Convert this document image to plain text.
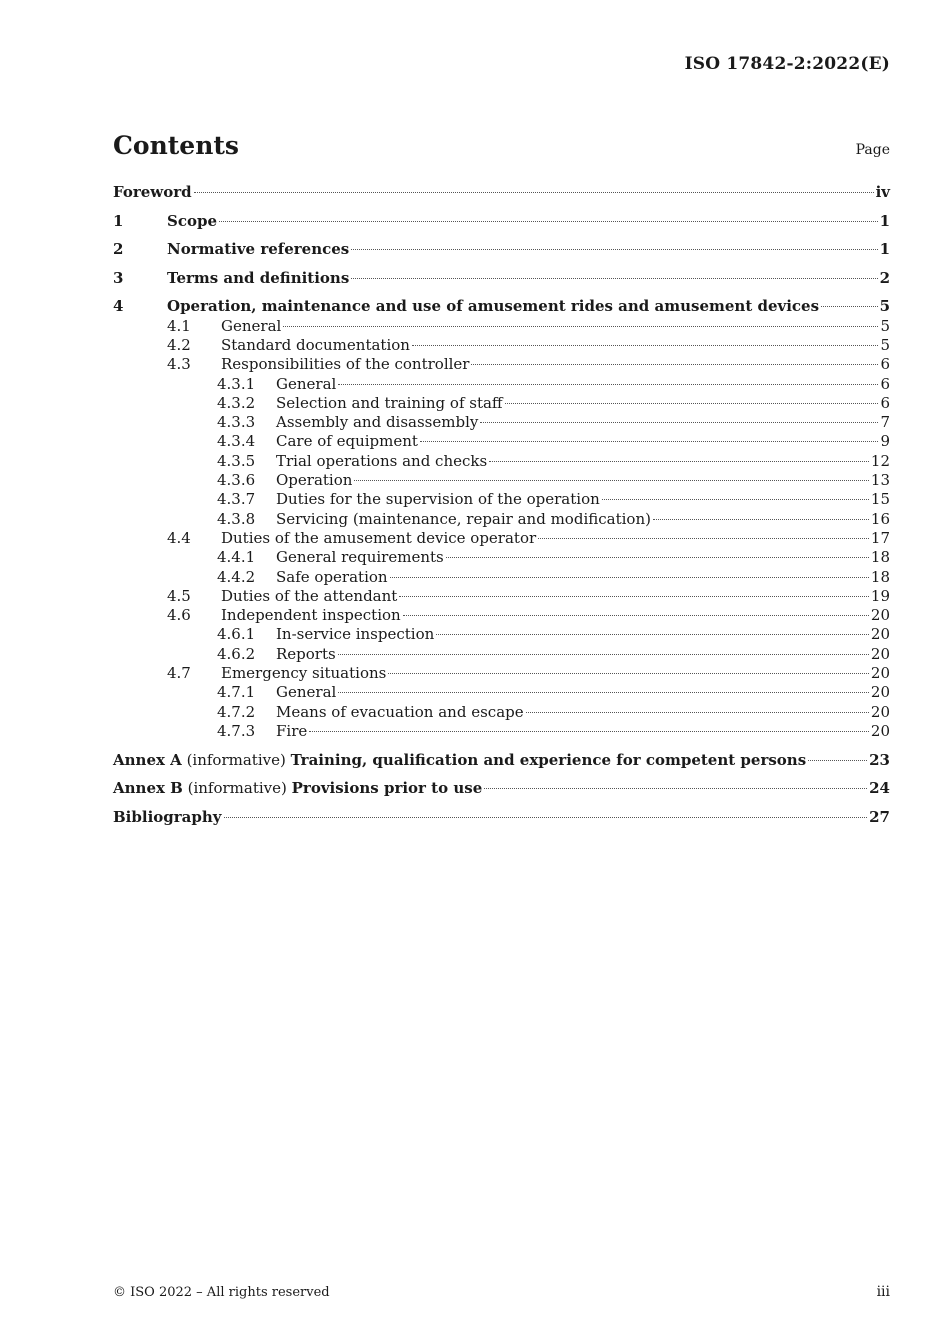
ISO 17842-2:2022(E)
Contents	Page
Foreword	iv
1	Scope	1
2	Normative references	1
3	Terms and definitions	2
4	Operation, maintenance and use of amusement rides and amusement devices	5
4.1	General	5
4.2	Standard documentation	5
4.3	Responsibilities of the controller	6
4.3.1	General	6
4.3.2	Selection and training of staff	6
4.3.3	Assembly and disassembly	7
4.3.4	Care of equipment	9
4.3.5	Trial operations and checks	12
4.3.6	Operation	13
4.3.7	Duties for the supervision of the operation	15
4.3.8	Servicing (maintenance, repair and modification)	16
4.4	Duties of the amusement device operator	17
4.4.1	General requirements	18
4.4.2	Safe operation	18
4.5	Duties of the attendant	19
4.6	Independent inspection	20
4.6.1	In-service inspection	20
4.6.2	Reports	20
4.7	Emergency situations	20
4.7.1	General	20
4.7.2	Means of evacuation and escape	20
4.7.3	Fire	20
Annex A (informative) Training, qualification and experience for competent persons	23
Annex B (informative) Provisions prior to use	24
Bibliography	27
© ISO 2022 – All rights reserved	iii
